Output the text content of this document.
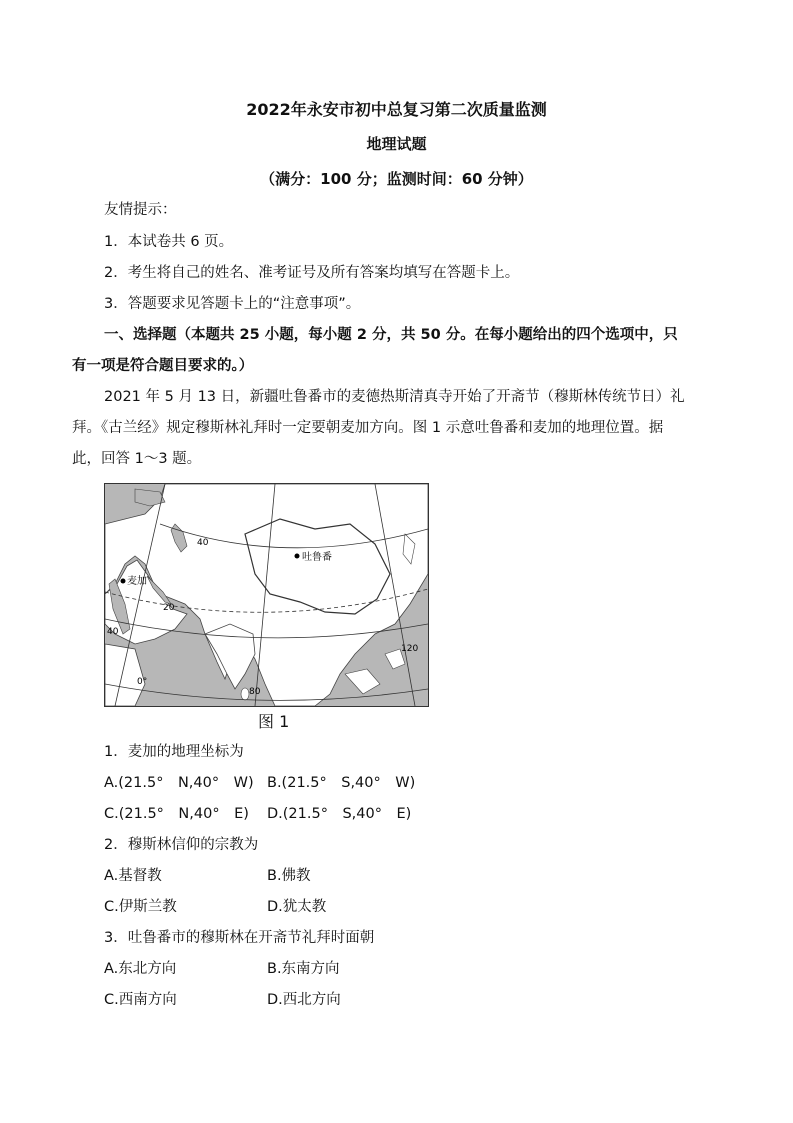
2022年永安市初中总复习第二次质量监测
地理试题
（满分：100 分；监测时间：60 分钟）
友情提示：
1．本试卷共 6 页。
2．考生将自己的姓名、准考证号及所有答案均填写在答题卡上。
3．答题要求见答题卡上的“注意事项”。
一、选择题（本题共 25 小题，每小题 2 分，共 50 分。在每小题给出的四个选项中，只
有一项是符合题目要求的。）
2021 年 5 月 13 日，新疆吐鲁番市的麦德热斯清真寺开始了开斋节（穆斯林传统节日）礼
拜。《古兰经》规定穆斯林礼拜时一定要朝麦加方向。图 1 示意吐鲁番和麦加的地理位置。据
此，回答 1～3 题。
吐鲁番
麦加
40
20
0°
40
80
120
图 1
1．麦加的地理坐标为
A.(21.5°　N,40°　W) B.(21.5°　S,40°　W)
C.(21.5°　N,40°　E) D.(21.5°　S,40°　E)
2．穆斯林信仰的宗教为
A.基督教	B.佛教
C.伊斯兰教	D.犹太教
3．吐鲁番市的穆斯林在开斋节礼拜时面朝
A.东北方向	B.东南方向
C.西南方向	D.西北方向
